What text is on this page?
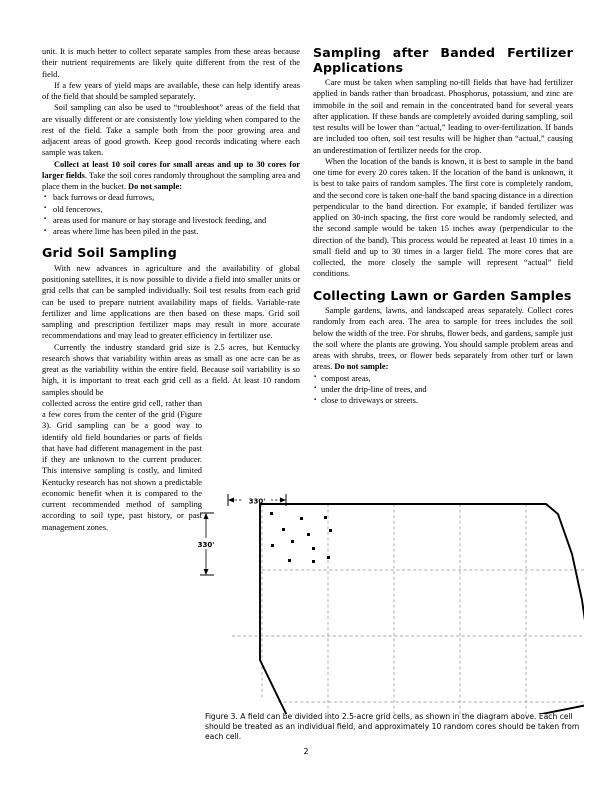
unit. It is much better to collect separate samples from these areas because their nutrient requirements are likely quite different from the rest of the field.

If a few years of yield maps are available, these can help identify areas of the field that should be sampled separately.

Soil sampling can also be used to “troubleshoot” areas of the field that are visually different or are consistently low yielding when compared to the rest of the field. Take a sample both from the poor growing area and adjacent areas of good growth. Keep good records indicating where each sample was taken.

Collect at least 10 soil cores for small areas and up to 30 cores for larger fields. Take the soil cores randomly throughout the sampling area and place them in the bucket. Do not sample:

▪ back furrows or dead furrows,
▪ old fencerows,
▪ areas used for manure or hay storage and livestock feeding, and
▪ areas where lime has been piled in the past.
Grid Soil Sampling

With new advances in agriculture and the availability of global positioning satellites, it is now possible to divide a field into smaller units or grid cells that can be sampled individually. Soil test results from each grid can be used to prepare nutrient availability maps of fields. Variable-rate fertilizer and lime applications are then based on these maps. Grid soil sampling and prescription fertilizer maps may result in more accurate recommendations and may lead to greater efficiency in fertilizer use.

Currently the industry standard grid size is 2.5 acres, but Kentucky research shows that variability within areas as small as one acre can be as great as the variability within the entire field. Because soil variability is so high, it is important to treat each grid cell as a field. At least 10 random samples should be

collected across the entire grid cell, rather than a few cores from the center of the grid (Figure 3). Grid sampling can be a good way to identify old field boundaries or parts of fields that have had different management in the past if they are unknown to the current producer. This intensive sampling is costly, and limited Kentucky research has not shown a predictable economic benefit when it is compared to the current recommended method of sampling according to soil type, past history, or past management zones.

Sampling after Banded Fertilizer Applications

Care must be taken when sampling no-till fields that have had fertilizer applied in bands rather than broadcast. Phosphorus, potassium, and zinc are immobile in the soil and remain in the concentrated band for several years after application. If these bands are completely avoided during sampling, soil test results will be lower than “actual,” leading to over-fertilization. If bands are included too often, soil test results will be higher than “actual,” causing an underestimation of fertilizer needs for the crop.

When the location of the bands is known, it is best to sample in the band one time for every 20 cores taken. If the location of the band is unknown, it is best to take pairs of random samples. The first core is completely random, and the second core is taken one-half the band spacing distance in a direction perpendicular to the band direction. For example, if banded fertilizer was applied on 30-inch spacing, the first core would be randomly selected, and the second sample would be taken 15 inches away (perpendicular to the direction of the band). This process would be repeated at least 10 times in a small field and up to 30 times in a larger field. The more cores that are collected, the more closely the sample will represent “actual” field conditions.

Collecting Lawn or Garden Samples

Sample gardens, lawns, and landscaped areas separately. Collect cores randomly from each area. The area to sample for trees includes the soil below the width of the tree. For shrubs, flower beds, and gardens, sample just the soil where the plants are growing. You should sample problem areas and areas with shrubs, trees, or flower beds separately from other turf or lawn areas. Do not sample:

▪ compost areas,
▪ under the drip-line of trees, and
▪ close to driveways or streets.
330'
330'
Figure 3. A field can be divided into 2.5-acre grid cells, as shown in the diagram above. Each cell should be treated as an individual field, and approximately 10 random cores should be taken from each cell.
2
